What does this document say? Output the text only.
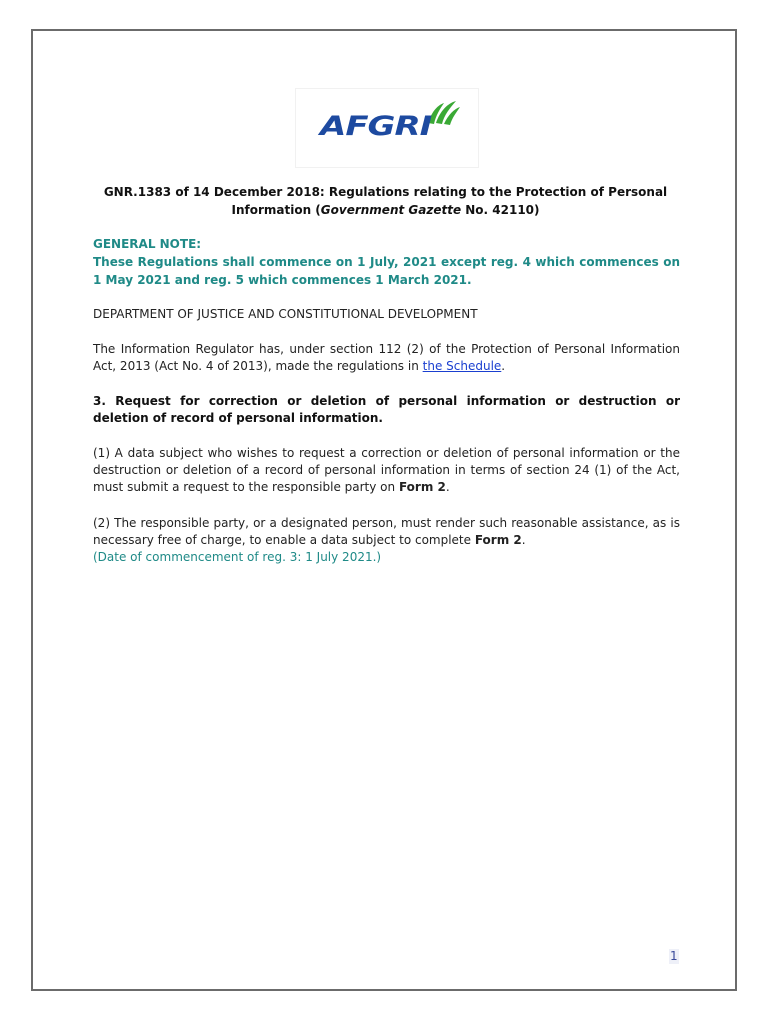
AFGRI
GNR.1383 of 14 December 2018: Regulations relating to the Protection of Personal
Information (Government Gazette No. 42110)
GENERAL NOTE:
These Regulations shall commence on 1 July, 2021 except reg. 4 which commences on 1 May 2021 and reg. 5 which commences 1 March 2021.
DEPARTMENT OF JUSTICE AND CONSTITUTIONAL DEVELOPMENT
The Information Regulator has, under section 112 (2) of the Protection of Personal Information Act, 2013 (Act No. 4 of 2013), made the regulations in the Schedule.
3. Request for correction or deletion of personal information or destruction or deletion of record of personal information.
(1) A data subject who wishes to request a correction or deletion of personal information or the destruction or deletion of a record of personal information in terms of section 24 (1) of the Act, must submit a request to the responsible party on Form 2.
(2) The responsible party, or a designated person, must render such reasonable assistance, as is necessary free of charge, to enable a data subject to complete Form 2.
(Date of commencement of reg. 3: 1 July 2021.)
1
